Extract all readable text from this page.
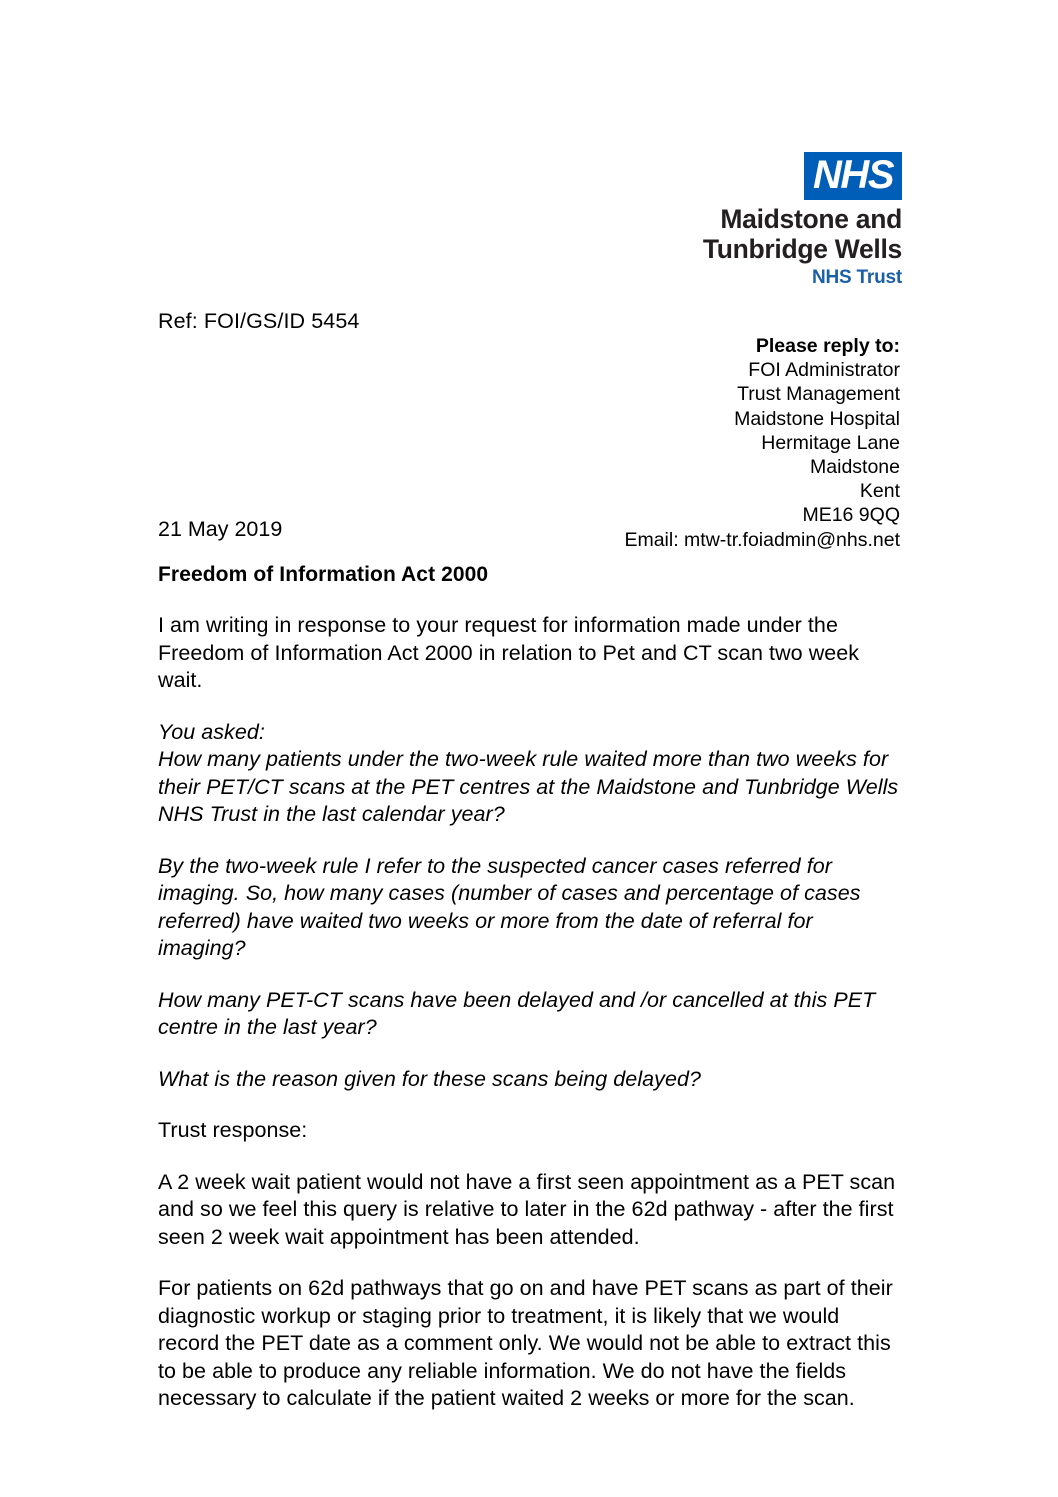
NHS
Maidstone and
Tunbridge Wells
NHS Trust
Ref: FOI/GS/ID 5454
Please reply to:
FOI Administrator
Trust Management
Maidstone Hospital
Hermitage Lane
Maidstone
Kent
ME16 9QQ
Email: mtw-tr.foiadmin@nhs.net
21 May 2019

Freedom of Information Act 2000

I am writing in response to your request for information made under the Freedom of Information Act 2000 in relation to Pet and CT scan two week wait.

You asked:

How many patients under the two-week rule waited more than two weeks for their PET/CT scans at the PET centres at the Maidstone and Tunbridge Wells NHS Trust in the last calendar year?

By the two-week rule I refer to the suspected cancer cases referred for imaging. So, how many cases (number of cases and percentage of cases referred) have waited two weeks or more from the date of referral for imaging?

How many PET-CT scans have been delayed and /or cancelled at this PET centre in the last year?

What is the reason given for these scans being delayed?

Trust response:

A 2 week wait patient would not have a first seen appointment as a PET scan and so we feel this query is relative to later in the 62d pathway - after the first seen 2 week wait appointment has been attended.

For patients on 62d pathways that go on and have PET scans as part of their diagnostic workup or staging prior to treatment, it is likely that we would record the PET date as a comment only. We would not be able to extract this to be able to produce any reliable information. We do not have the fields necessary to calculate if the patient waited 2 weeks or more for the scan.
